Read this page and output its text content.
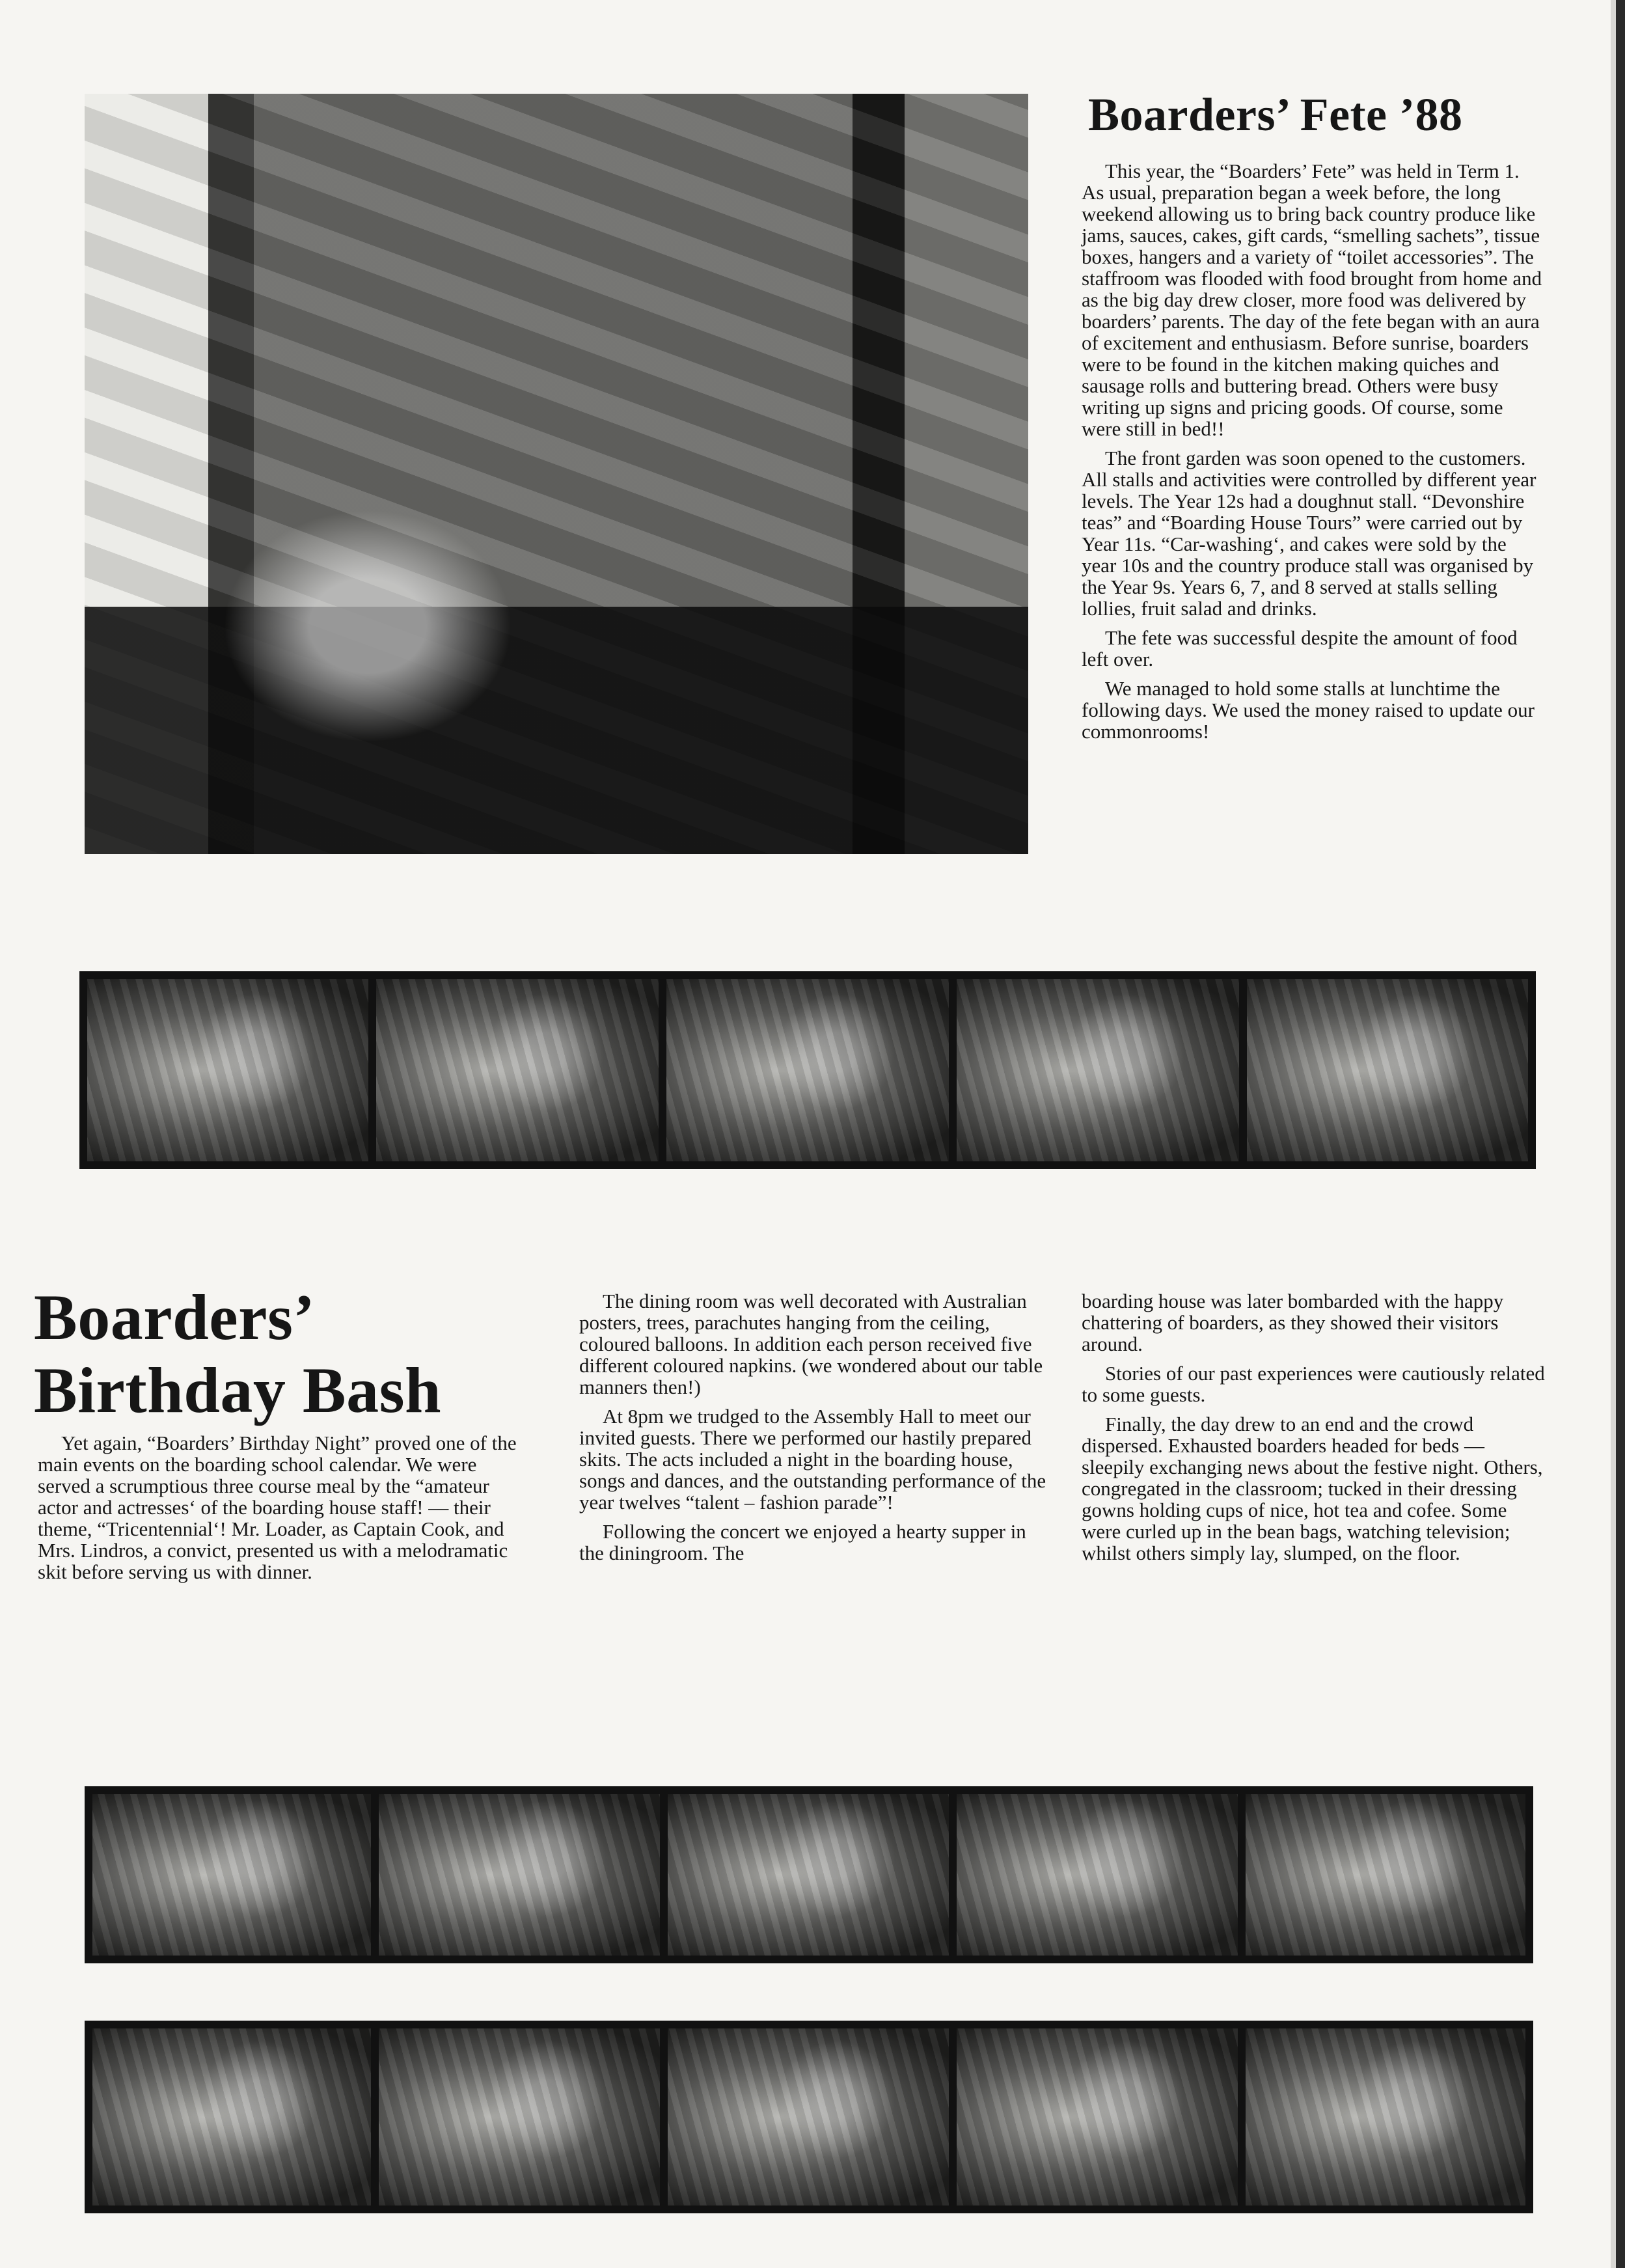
Boarders’ Fete ’88

This year, the “Boarders’ Fete” was held in Term 1. As usual, preparation began a week before, the long weekend allowing us to bring back country produce like jams, sauces, cakes, gift cards, “smelling sachets”, tissue boxes, hangers and a variety of “toilet accessories”. The staffroom was flooded with food brought from home and as the big day drew closer, more food was delivered by boarders’ parents. The day of the fete began with an aura of excitement and enthusiasm. Before sunrise, boarders were to be found in the kitchen making quiches and sausage rolls and buttering bread. Others were busy writing up signs and pricing goods. Of course, some were still in bed!!

The front garden was soon opened to the customers. All stalls and activities were controlled by different year levels. The Year 12s had a doughnut stall. “Devonshire teas” and “Boarding House Tours” were carried out by Year 11s. “Car-washing‘, and cakes were sold by the year 10s and the country produce stall was organised by the Year 9s. Years 6, 7, and 8 served at stalls selling lollies, fruit salad and drinks.

The fete was successful despite the amount of food left over.

We managed to hold some stalls at lunchtime the following days. We used the money raised to update our commonrooms!

Boarders’
Birthday Bash

Yet again, “Boarders’ Birthday Night” proved one of the main events on the boarding school calendar. We were served a scrumptious three course meal by the “amateur actor and actresses‘ of the boarding house staff! — their theme, “Tricentennial‘! Mr. Loader, as Captain Cook, and Mrs. Lindros, a convict, presented us with a melodramatic skit before serving us with dinner.

The dining room was well decorated with Australian posters, trees, parachutes hanging from the ceiling, coloured balloons. In addition each person received five different coloured napkins. (we wondered about our table manners then!)

At 8pm we trudged to the Assembly Hall to meet our invited guests. There we performed our hastily prepared skits. The acts included a night in the boarding house, songs and dances, and the outstanding performance of the year twelves “talent – fashion parade”!

Following the concert we enjoyed a hearty supper in the diningroom. The

boarding house was later bombarded with the happy chattering of boarders, as they showed their visitors around.

Stories of our past experiences were cautiously related to some guests.

Finally, the day drew to an end and the crowd dispersed. Exhausted boarders headed for beds — sleepily exchanging news about the festive night. Others, congregated in the classroom; tucked in their dressing gowns holding cups of nice, hot tea and cofee. Some were curled up in the bean bags, watching television; whilst others simply lay, slumped, on the floor.
